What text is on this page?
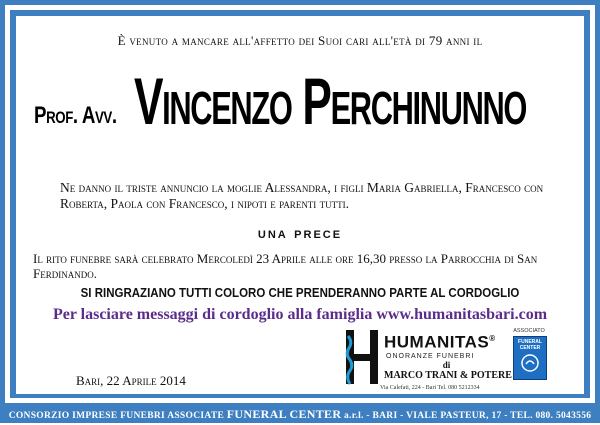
È venuto a mancare all'affetto dei Suoi cari all'età di 79 anni il
Prof. Avv. Vincenzo Perchinunno
Ne danno il triste annuncio la moglie Alessandra, i figli Maria Gabriella, Francesco con Roberta, Paola con Francesco, i nipoti e parenti tutti.
una prece
Il rito funebre sarà celebrato Mercoledì 23 Aprile alle ore 16,30 presso la Parrocchia di San Ferdinando.
SI RINGRAZIANO TUTTI COLORO CHE PRENDERANNO PARTE AL CORDOGLIO
Per lasciare messaggi di cordoglio alla famiglia www.humanitasbari.com
Bari, 22 Aprile 2014
HUMANITAS®
ONORANZE FUNEBRI
di
MARCO TRANI & POTERE
Via Calefati, 224 - Bari Tel. 080 5212334
ASSOCIATO
FUNERAL CENTER
CONSORZIO IMPRESE FUNEBRI ASSOCIATE FUNERAL CENTER a.r.l. - BARI - VIALE PASTEUR, 17 - TEL. 080. 5043556
